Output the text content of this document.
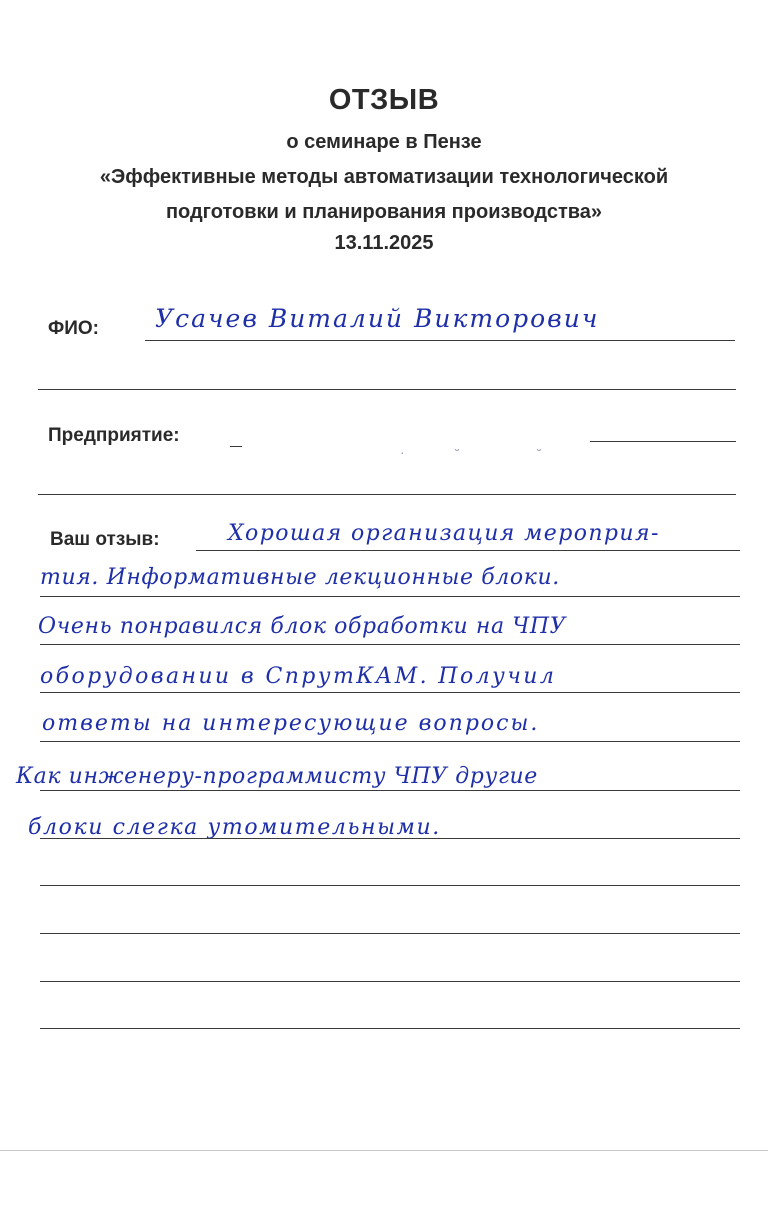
ОТЗЫВ
о семинаре в Пензе
«Эффективные методы автоматизации технологической
подготовки и планирования производства»
13.11.2025
ФИО: Усачев Виталий Викторович
Предприятие:
·	˘	˘
Ваш отзыв:	Хорошая организация мероприя-
тия. Информативные лекционные блоки.
Очень понравился блок обработки на ЧПУ
оборудовании в СпрутКАМ. Получил
ответы на интересующие вопросы.
Как инженеру-программисту ЧПУ другие
блоки слегка утомительными.
